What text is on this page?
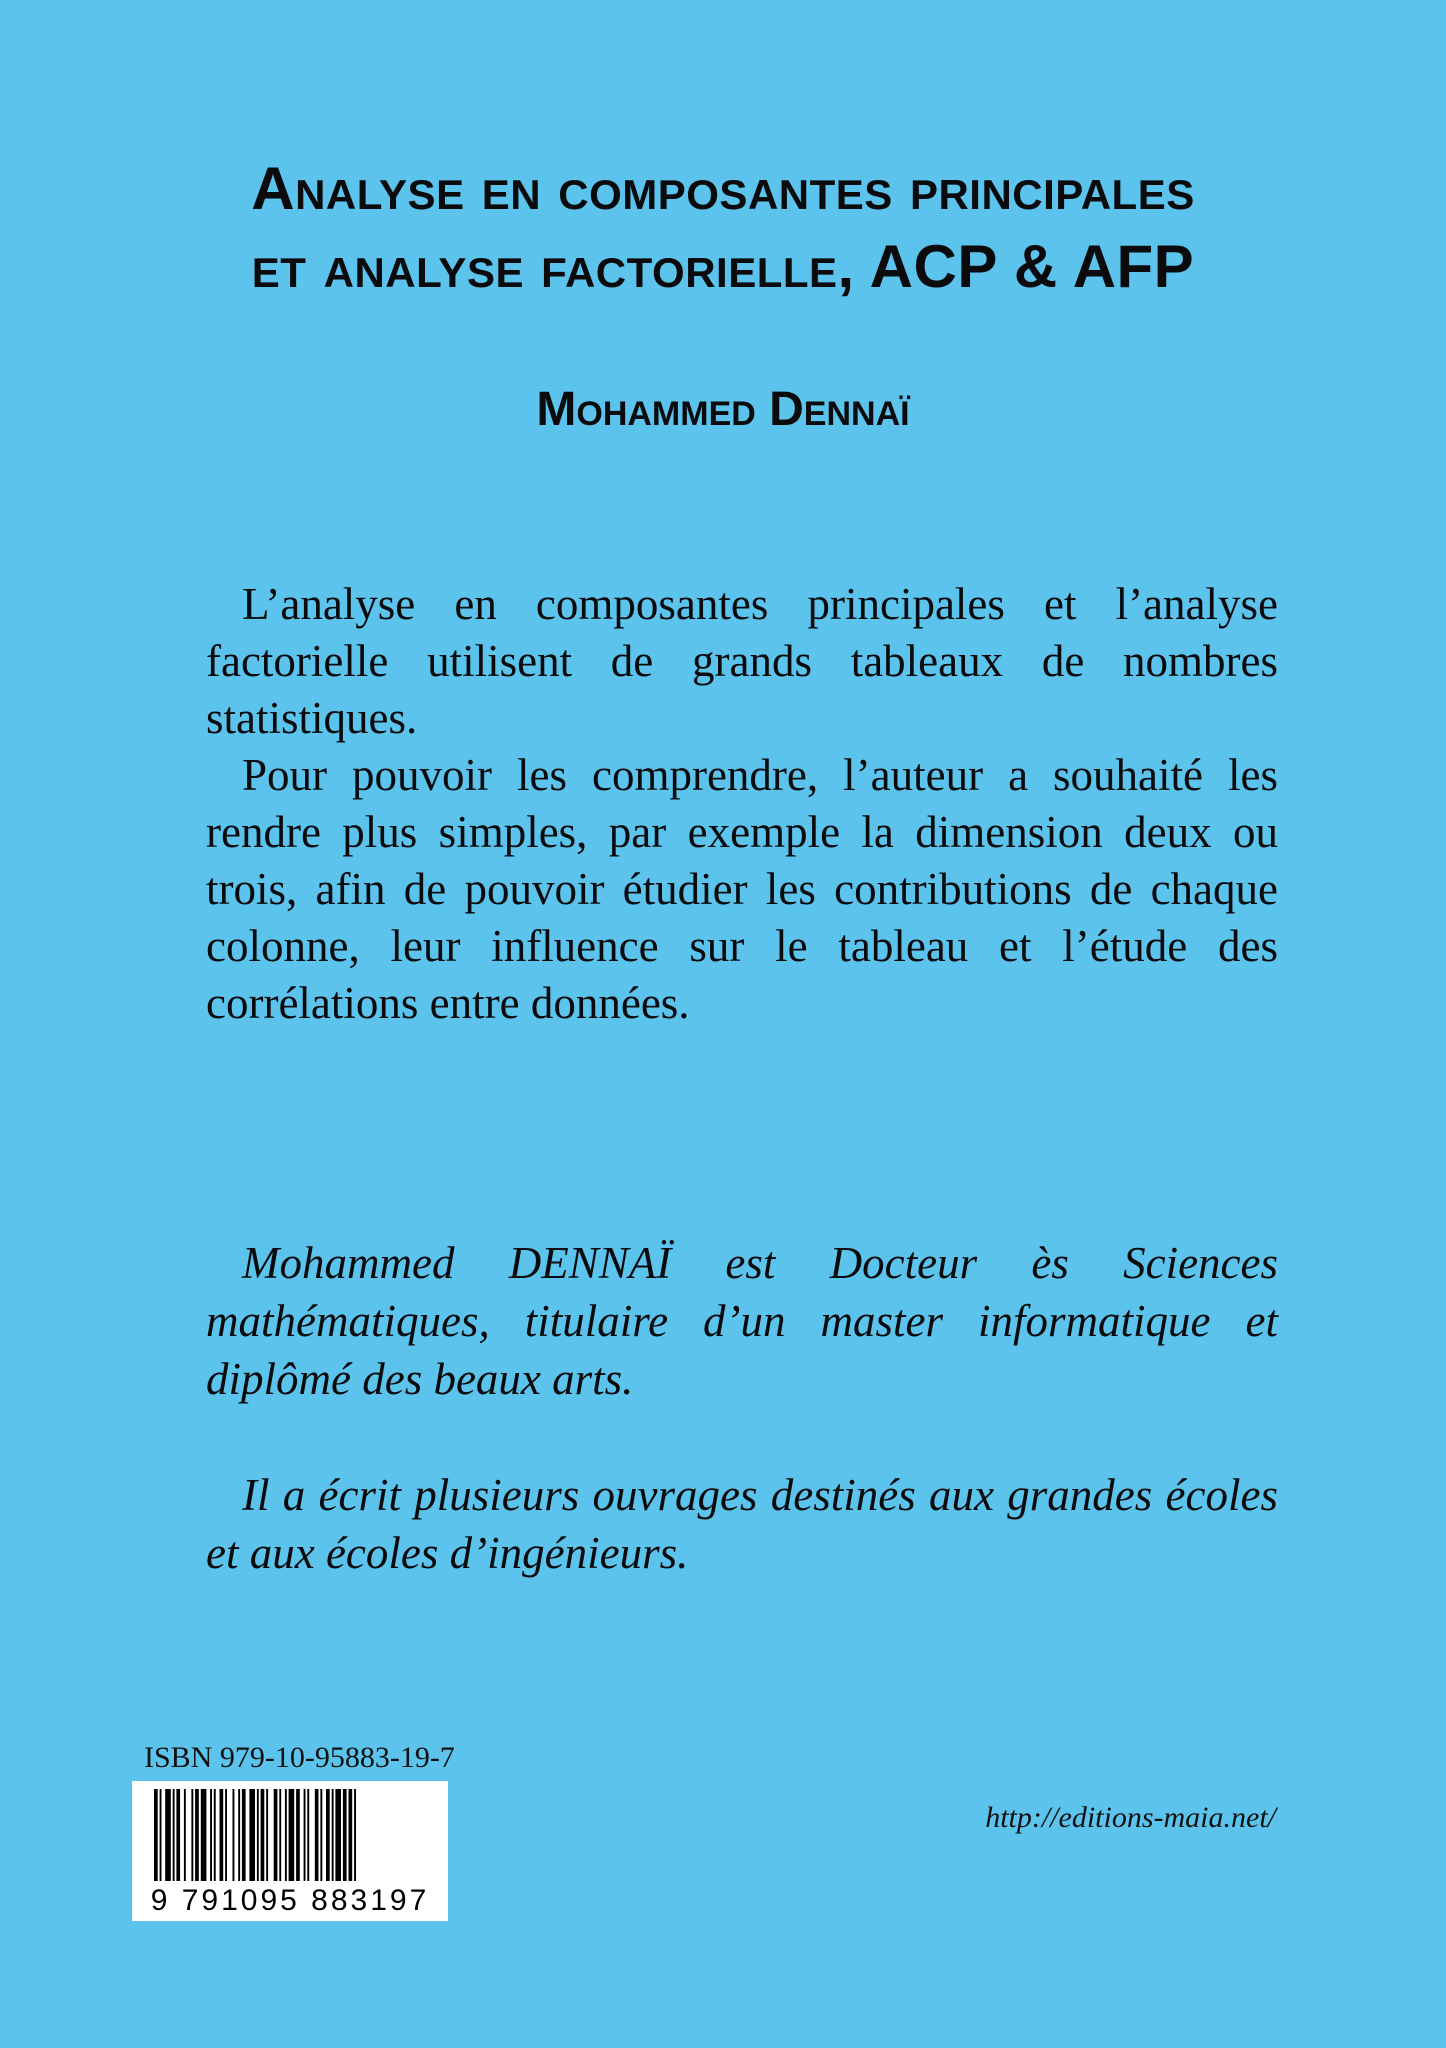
Analyse en composantes principales
et analyse factorielle, ACP & AFP
Mohammed Dennaï

L’analyse en composantes principales et l’analyse factorielle utilisent de grands tableaux de nombres statistiques.

Pour pouvoir les comprendre, l’auteur a souhaité les rendre plus simples, par exemple la dimension deux ou trois, afin de pouvoir étudier les contributions de chaque colonne, leur influence sur le tableau et l’étude des corrélations entre données.

Mohammed DENNAÏ est Docteur ès Sciences mathématiques, titulaire d’un master informatique et diplômé des beaux arts.

Il a écrit plusieurs ouvrages destinés aux grandes écoles et aux écoles d’ingénieurs.

ISBN 979-10-95883-19-7
9 791095 883197
http://editions-maia.net/
